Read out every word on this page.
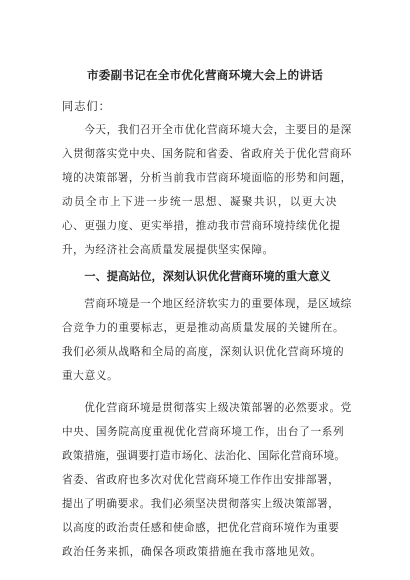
市委副书记在全市优化营商环境大会上的讲话
同志们：
　　今天，我们召开全市优化营商环境大会，主要目的是深
入贯彻落实党中央、国务院和省委、省政府关于优化营商环
境的决策部署，分析当前我市营商环境面临的形势和问题，
动员全市上下进一步统一思想、凝聚共识，以更大决
心、更强力度、更实举措，推动我市营商环境持续优化提
升，为经济社会高质量发展提供坚实保障。
　　一、提高站位，深刻认识优化营商环境的重大意义
　　营商环境是一个地区经济软实力的重要体现，是区域综
合竞争力的重要标志，更是推动高质量发展的关键所在。
我们必须从战略和全局的高度，深刻认识优化营商环境的
重大意义。
　　优化营商环境是贯彻落实上级决策部署的必然要求。党
中央、国务院高度重视优化营商环境工作，出台了一系列
政策措施，强调要打造市场化、法治化、国际化营商环境。
省委、省政府也多次对优化营商环境工作作出安排部署，
提出了明确要求。我们必须坚决贯彻落实上级决策部署，
以高度的政治责任感和使命感，把优化营商环境作为重要
政治任务来抓，确保各项政策措施在我市落地见效。
